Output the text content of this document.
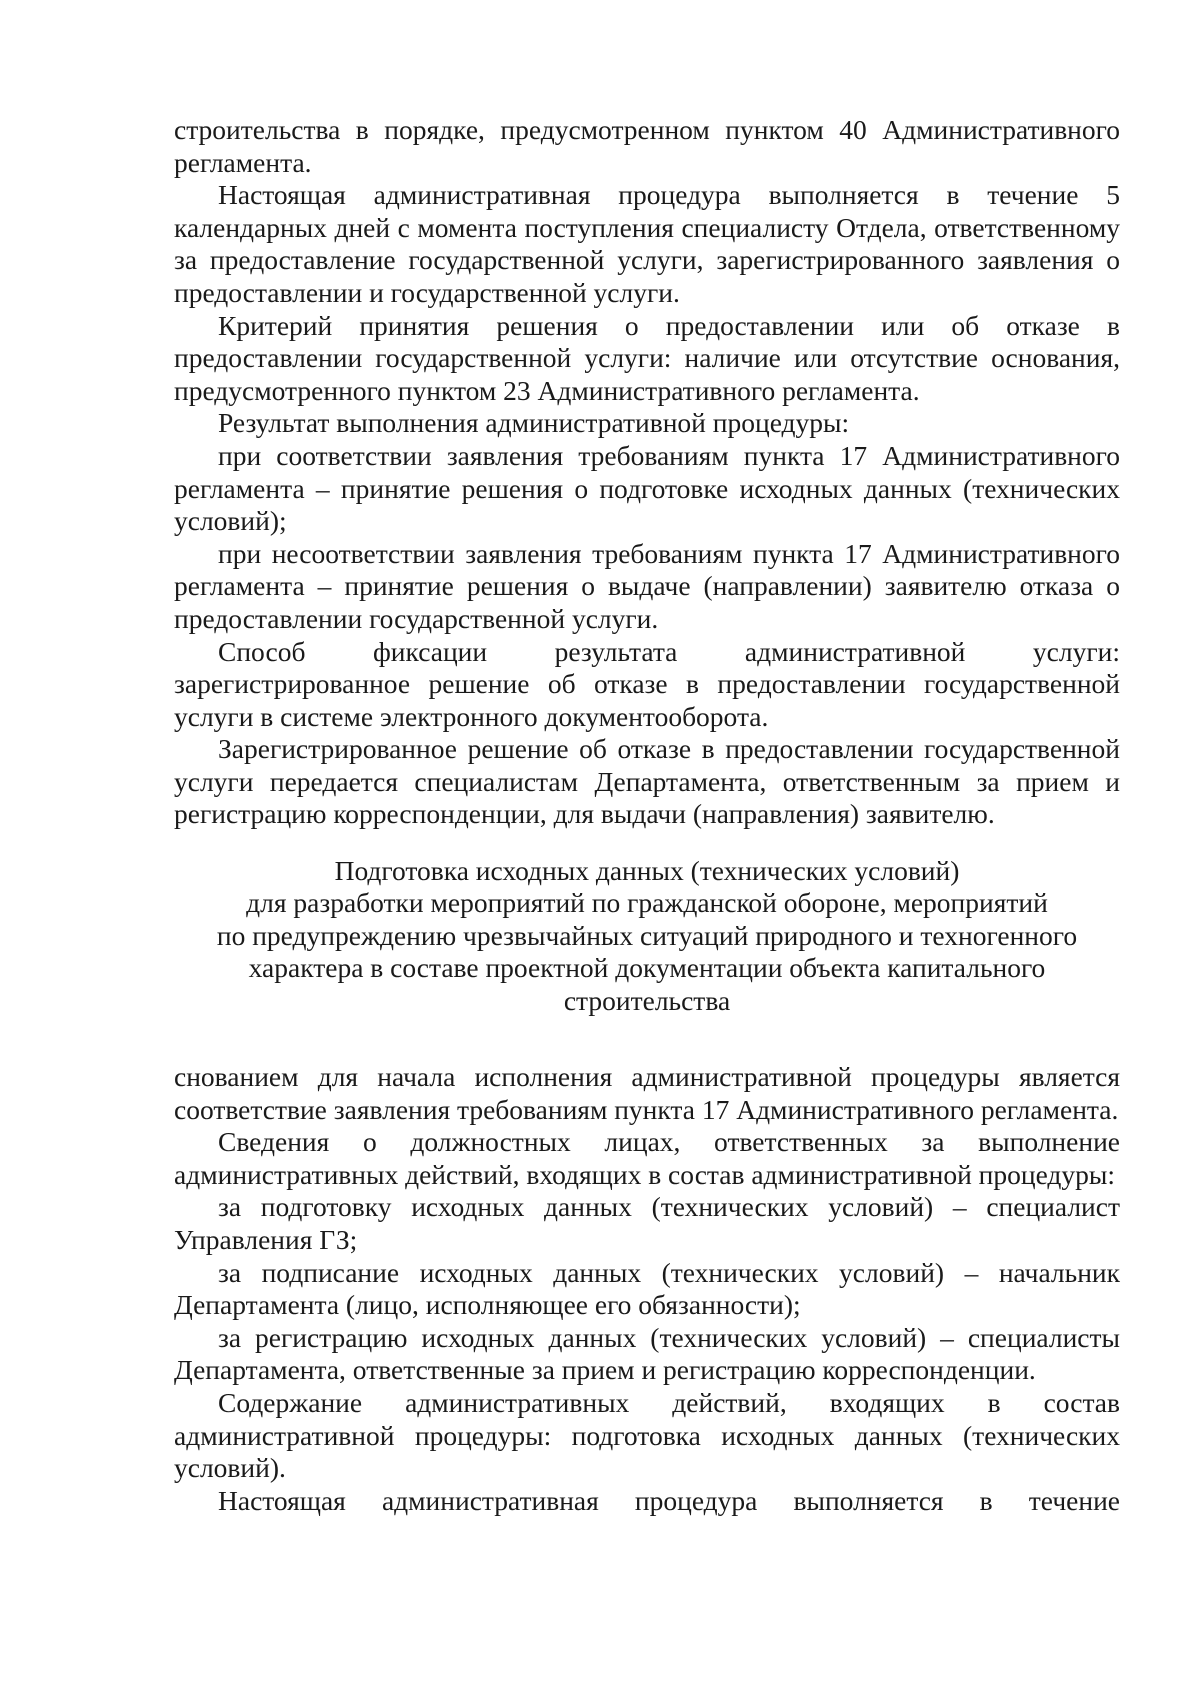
строительства в порядке, предусмотренном пунктом 40 Административного регламента.

Настоящая административная процедура выполняется в течение 5 календарных дней с момента поступления специалисту Отдела, ответственному за предоставление государственной услуги, зарегистрированного заявления о предоставлении и государственной услуги.

Критерий принятия решения о предоставлении или об отказе в предоставлении государственной услуги: наличие или отсутствие основания, предусмотренного пунктом 23 Административного регламента.

Результат выполнения административной процедуры:

при соответствии заявления требованиям пункта 17 Административного регламента – принятие решения о подготовке исходных данных (технических условий);

при несоответствии заявления требованиям пункта 17 Административного регламента – принятие решения о выдаче (направлении) заявителю отказа о предоставлении государственной услуги.

Способ фиксации результата административной услуги: зарегистрированное решение об отказе в предоставлении государственной услуги в системе электронного документооборота.

Зарегистрированное решение об отказе в предоставлении государственной услуги передается специалистам Департамента, ответственным за прием и регистрацию корреспонденции, для выдачи (направления) заявителю.

Подготовка исходных данных (технических условий)
для разработки мероприятий по гражданской обороне, мероприятий
по предупреждению чрезвычайных ситуаций природного и техногенного
характера в составе проектной документации объекта капитального
строительства

снованием для начала исполнения административной процедуры является соответствие заявления требованиям пункта 17 Административного регламента.

Сведения о должностных лицах, ответственных за выполнение административных действий, входящих в состав административной процедуры:

за подготовку исходных данных (технических условий) – специалист Управления ГЗ;

за подписание исходных данных (технических условий) – начальник Департамента (лицо, исполняющее его обязанности);

за регистрацию исходных данных (технических условий) – специалисты Департамента, ответственные за прием и регистрацию корреспонденции.

Содержание административных действий, входящих в состав административной процедуры: подготовка исходных данных (технических условий).

Настоящая административная процедура выполняется в течение
